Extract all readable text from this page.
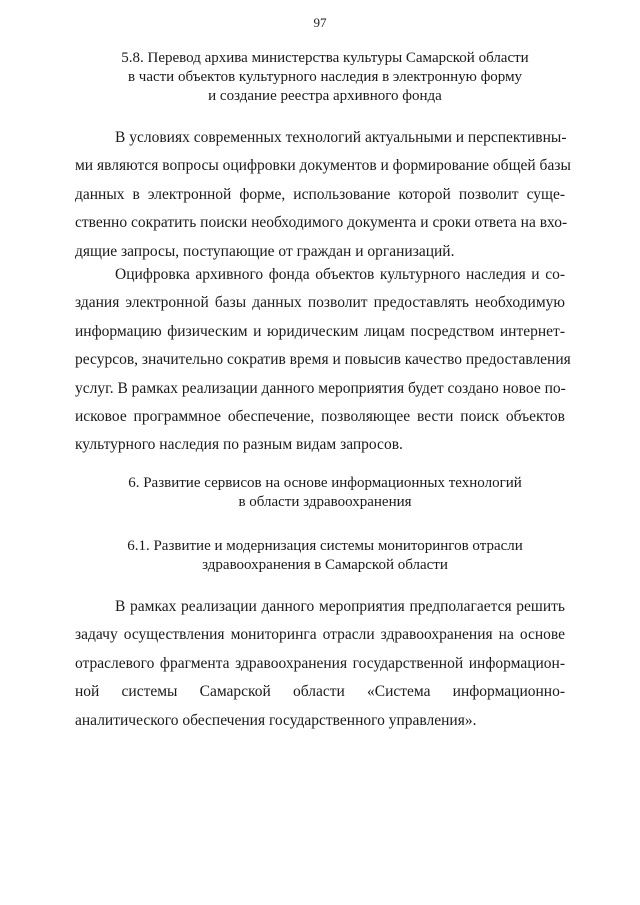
97
5.8. Перевод архива министерства культуры Самарской области
в части объектов культурного наследия в электронную форму
и создание реестра архивного фонда
В условиях современных технологий актуальными и перспективны-
ми являются вопросы оцифровки документов и формирование общей базы
данных в электронной форме, использование которой позволит суще-
ственно сократить поиски необходимого документа и сроки ответа на вхо-
дящие запросы, поступающие от граждан и организаций.
Оцифровка архивного фонда объектов культурного наследия и со-
здания электронной базы данных позволит предоставлять необходимую
информацию физическим и юридическим лицам посредством интернет-
ресурсов, значительно сократив время и повысив качество предоставления
услуг. В рамках реализации данного мероприятия будет создано новое по-
исковое программное обеспечение, позволяющее вести поиск объектов
культурного наследия по разным видам запросов.
6. Развитие сервисов на основе информационных технологий
в области здравоохранения
6.1. Развитие и модернизация системы мониторингов отрасли
здравоохранения в Самарской области
В рамках реализации данного мероприятия предполагается решить
задачу осуществления мониторинга отрасли здравоохранения на основе
отраслевого фрагмента здравоохранения государственной информацион-
ной системы Самарской области «Система информационно-
аналитического обеспечения государственного управления».
